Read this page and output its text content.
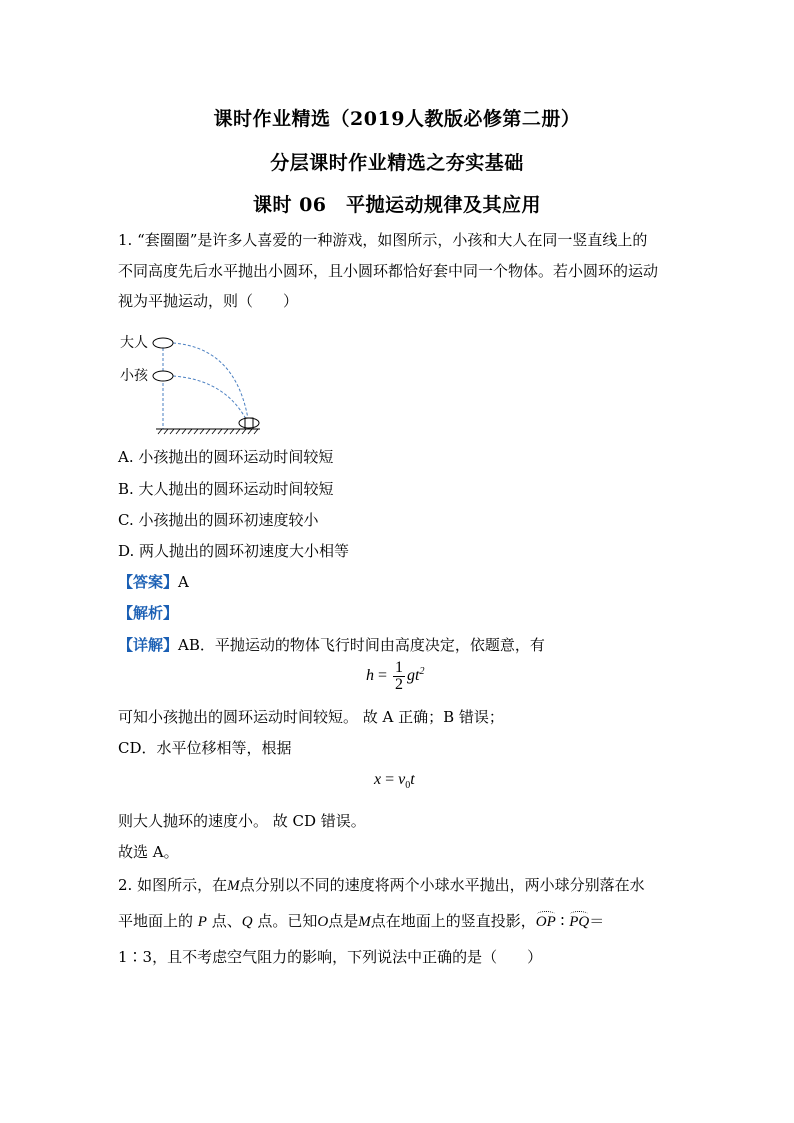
课时作业精选（2019人教版必修第二册）
分层课时作业精选之夯实基础
课时 06　平抛运动规律及其应用
1. “套圈圈”是许多人喜爱的一种游戏，如图所示，小孩和大人在同一竖直线上的
不同高度先后水平抛出小圆环，且小圆环都恰好套中同一个物体。若小圆环的运动
视为平抛运动，则（　　）
大人
小孩
A. 小孩抛出的圆环运动时间较短
B. 大人抛出的圆环运动时间较短
C. 小孩抛出的圆环初速度较小
D. 两人抛出的圆环初速度大小相等
【答案】A
【解析】
【详解】AB．平抛运动的物体飞行时间由高度决定，依题意，有
$h = \frac{1}{2} gt^2$
可知小孩抛出的圆环运动时间较短。 故 A 正确；B 错误；
CD．水平位移相等，根据
$x = v_0t$
则大人抛环的速度小。 故 CD 错误。
故选 A。
2. 如图所示，在M点分别以不同的速度将两个小球水平抛出，两小球分别落在水
平地面上的 P 点、Q 点。已知O点是M点在地面上的竖直投影，OP ∶ PQ＝
1∶3，且不考虑空气阻力的影响，下列说法中正确的是（　　）
